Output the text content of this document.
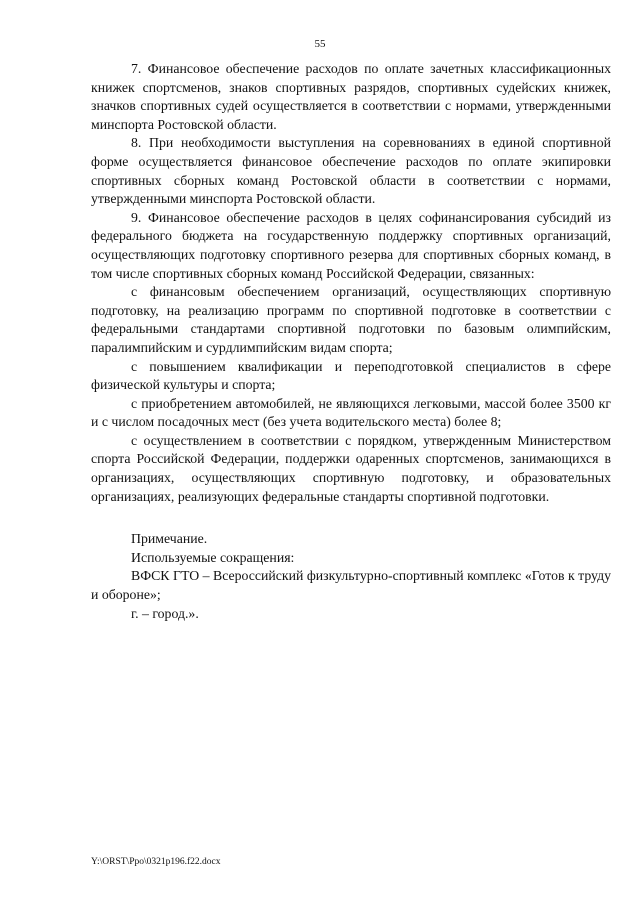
55

7. Финансовое обеспечение расходов по оплате зачетных классификационных книжек спортсменов, знаков спортивных разрядов, спортивных судейских книжек, значков спортивных судей осуществляется в соответствии с нормами, утвержденными минспорта Ростовской области.

8. При необходимости выступления на соревнованиях в единой спортивной форме осуществляется финансовое обеспечение расходов по оплате экипировки спортивных сборных команд Ростовской области в соответствии с нормами, утвержденными минспорта Ростовской области.

9. Финансовое обеспечение расходов в целях софинансирования субсидий из федерального бюджета на государственную поддержку спортивных организаций, осуществляющих подготовку спортивного резерва для спортивных сборных команд, в том числе спортивных сборных команд Российской Федерации, связанных:

с финансовым обеспечением организаций, осуществляющих спортивную подготовку, на реализацию программ по спортивной подготовке в соответствии с федеральными стандартами спортивной подготовки по базовым олимпийским, паралимпийским и сурдлимпийским видам спорта;

с повышением квалификации и переподготовкой специалистов в сфере физической культуры и спорта;

с приобретением автомобилей, не являющихся легковыми, массой более 3500 кг и с числом посадочных мест (без учета водительского места) более 8;

с осуществлением в соответствии с порядком, утвержденным Министерством спорта Российской Федерации, поддержки одаренных спортсменов, занимающихся в организациях, осуществляющих спортивную подготовку, и образовательных организациях, реализующих федеральные стандарты спортивной подготовки.

Примечание.

Используемые сокращения:

ВФСК ГТО – Всероссийский физкультурно-спортивный комплекс «Готов к труду и обороне»;

г. – город.».

Y:\ORST\Ppo\0321p196.f22.docx
